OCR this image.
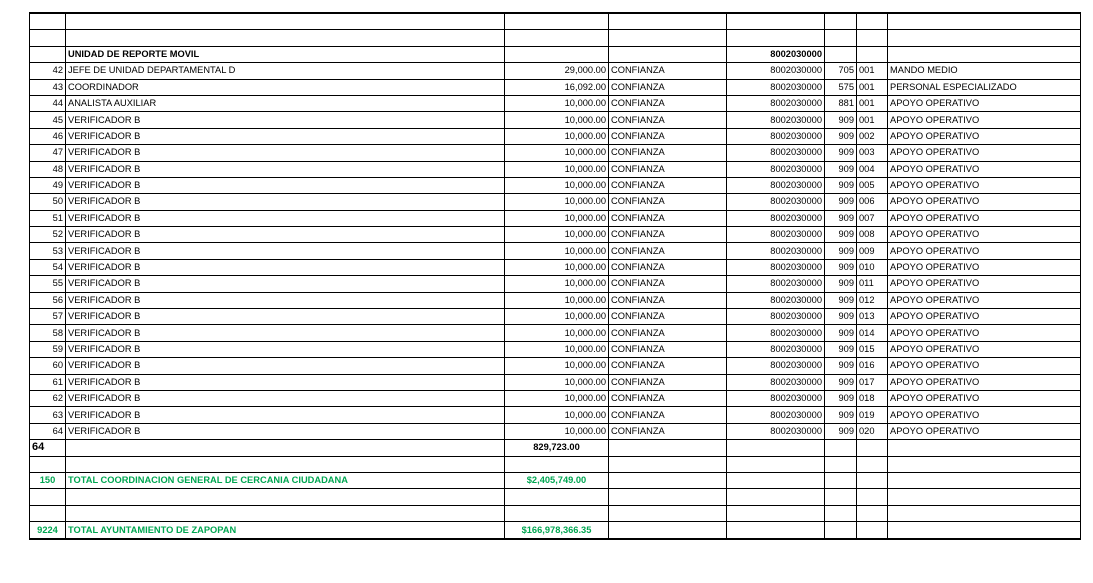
	UNIDAD DE REPORTE MOVIL			8002030000			
42	JEFE DE UNIDAD DEPARTAMENTAL D	29,000.00	CONFIANZA	8002030000	705	001	MANDO MEDIO
43	COORDINADOR	16,092.00	CONFIANZA	8002030000	575	001	PERSONAL ESPECIALIZADO
44	ANALISTA AUXILIAR	10,000.00	CONFIANZA	8002030000	881	001	APOYO OPERATIVO
45	VERIFICADOR B	10,000.00	CONFIANZA	8002030000	909	001	APOYO OPERATIVO
46	VERIFICADOR B	10,000.00	CONFIANZA	8002030000	909	002	APOYO OPERATIVO
47	VERIFICADOR B	10,000.00	CONFIANZA	8002030000	909	003	APOYO OPERATIVO
48	VERIFICADOR B	10,000.00	CONFIANZA	8002030000	909	004	APOYO OPERATIVO
49	VERIFICADOR B	10,000.00	CONFIANZA	8002030000	909	005	APOYO OPERATIVO
50	VERIFICADOR B	10,000.00	CONFIANZA	8002030000	909	006	APOYO OPERATIVO
51	VERIFICADOR B	10,000.00	CONFIANZA	8002030000	909	007	APOYO OPERATIVO
52	VERIFICADOR B	10,000.00	CONFIANZA	8002030000	909	008	APOYO OPERATIVO
53	VERIFICADOR B	10,000.00	CONFIANZA	8002030000	909	009	APOYO OPERATIVO
54	VERIFICADOR B	10,000.00	CONFIANZA	8002030000	909	010	APOYO OPERATIVO
55	VERIFICADOR B	10,000.00	CONFIANZA	8002030000	909	011	APOYO OPERATIVO
56	VERIFICADOR B	10,000.00	CONFIANZA	8002030000	909	012	APOYO OPERATIVO
57	VERIFICADOR B	10,000.00	CONFIANZA	8002030000	909	013	APOYO OPERATIVO
58	VERIFICADOR B	10,000.00	CONFIANZA	8002030000	909	014	APOYO OPERATIVO
59	VERIFICADOR B	10,000.00	CONFIANZA	8002030000	909	015	APOYO OPERATIVO
60	VERIFICADOR B	10,000.00	CONFIANZA	8002030000	909	016	APOYO OPERATIVO
61	VERIFICADOR B	10,000.00	CONFIANZA	8002030000	909	017	APOYO OPERATIVO
62	VERIFICADOR B	10,000.00	CONFIANZA	8002030000	909	018	APOYO OPERATIVO
63	VERIFICADOR B	10,000.00	CONFIANZA	8002030000	909	019	APOYO OPERATIVO
64	VERIFICADOR B	10,000.00	CONFIANZA	8002030000	909	020	APOYO OPERATIVO
64		829,723.00					

150	TOTAL COORDINACION GENERAL DE CERCANIA CIUDADANA	$2,405,749.00					

9224	TOTAL AYUNTAMIENTO DE ZAPOPAN	$166,978,366.35					
